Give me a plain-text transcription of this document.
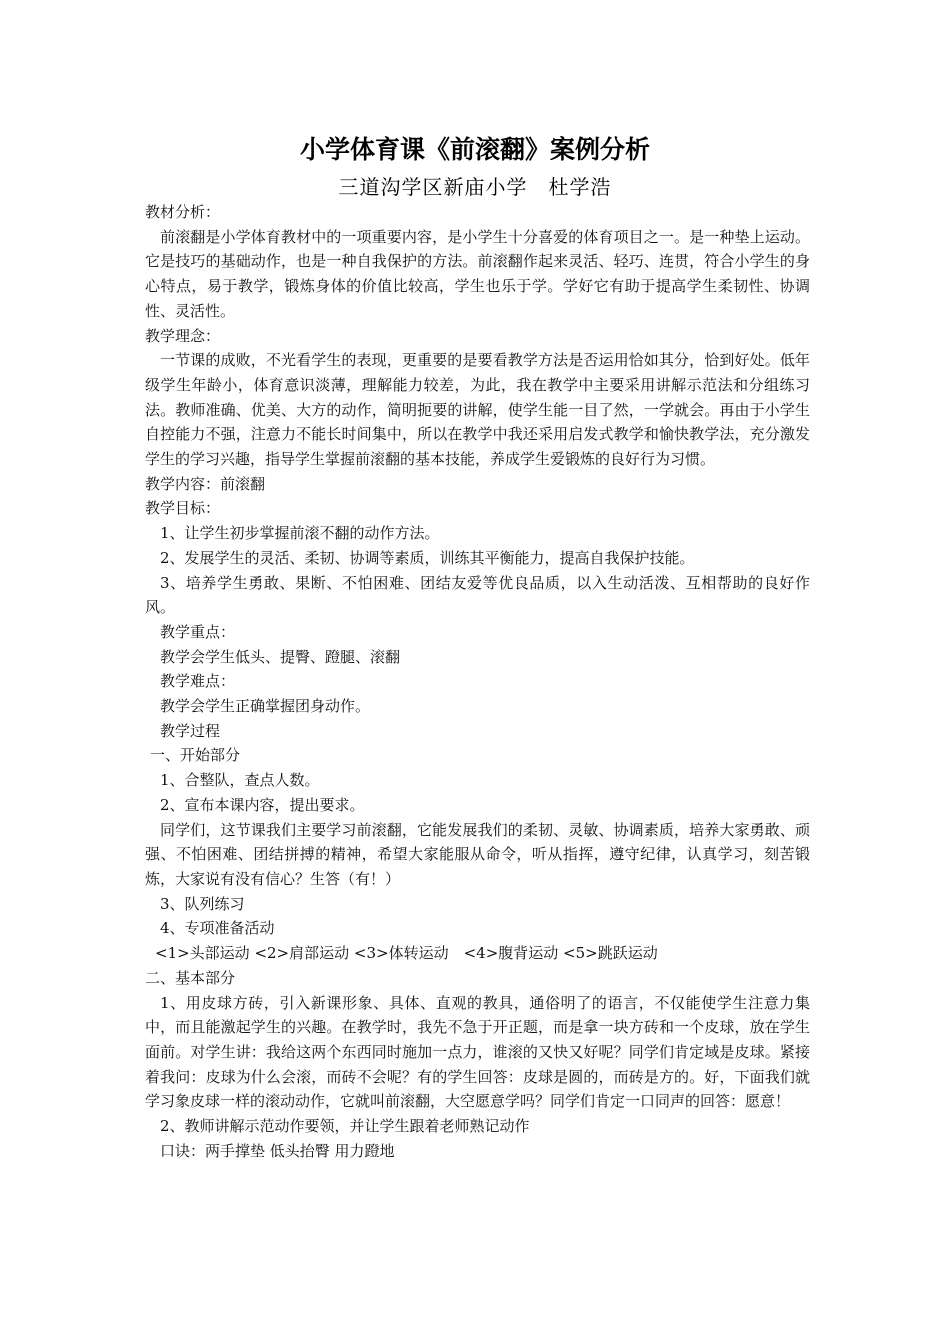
小学体育课《前滚翻》案例分析
三道沟学区新庙小学　杜学浩

教材分析：

前滚翻是小学体育教材中的一项重要内容，是小学生十分喜爱的体育项目之一。是一种垫上运动。它是技巧的基础动作，也是一种自我保护的方法。前滚翻作起来灵活、轻巧、连贯，符合小学生的身心特点，易于教学，锻炼身体的价值比较高，学生也乐于学。学好它有助于提高学生柔韧性、协调性、灵活性。

教学理念：

一节课的成败，不光看学生的表现，更重要的是要看教学方法是否运用恰如其分，恰到好处。低年级学生年龄小，体育意识淡薄，理解能力较差，为此，我在教学中主要采用讲解示范法和分组练习法。教师准确、优美、大方的动作，简明扼要的讲解，使学生能一目了然，一学就会。再由于小学生自控能力不强，注意力不能长时间集中，所以在教学中我还采用启发式教学和愉快教学法，充分激发学生的学习兴趣，指导学生掌握前滚翻的基本技能，养成学生爱锻炼的良好行为习惯。

教学内容：前滚翻

教学目标：

1、让学生初步掌握前滚不翻的动作方法。

2、发展学生的灵活、柔韧、协调等素质，训练其平衡能力，提高自我保护技能。

3、培养学生勇敢、果断、不怕困难、团结友爱等优良品质，以入生动活泼、互相帮助的良好作风。

教学重点：

教学会学生低头、提臀、蹬腿、滚翻

教学难点：

教学会学生正确掌握团身动作。

教学过程

一、开始部分

1、合整队，查点人数。

2、宣布本课内容，提出要求。

同学们，这节课我们主要学习前滚翻，它能发展我们的柔韧、灵敏、协调素质，培养大家勇敢、顽强、不怕困难、团结拼搏的精神，希望大家能服从命令，听从指挥，遵守纪律，认真学习，刻苦锻炼，大家说有没有信心？生答（有！）

3、队列练习

4、专项准备活动

<1>头部运动 <2>肩部运动 <3>体转运动　<4>腹背运动 <5>跳跃运动

二、基本部分

1、用皮球方砖，引入新课形象、具体、直观的教具，通俗明了的语言，不仅能使学生注意力集中，而且能激起学生的兴趣。在教学时，我先不急于开正题，而是拿一块方砖和一个皮球，放在学生面前。对学生讲：我给这两个东西同时施加一点力，谁滚的又快又好呢？同学们肯定域是皮球。紧接着我问：皮球为什么会滚，而砖不会呢？有的学生回答：皮球是圆的，而砖是方的。好，下面我们就学习象皮球一样的滚动动作，它就叫前滚翻，大空愿意学吗？同学们肯定一口同声的回答：愿意！

2、教师讲解示范动作要领，并让学生跟着老师熟记动作

口诀：两手撑垫 低头抬臀 用力蹬地
